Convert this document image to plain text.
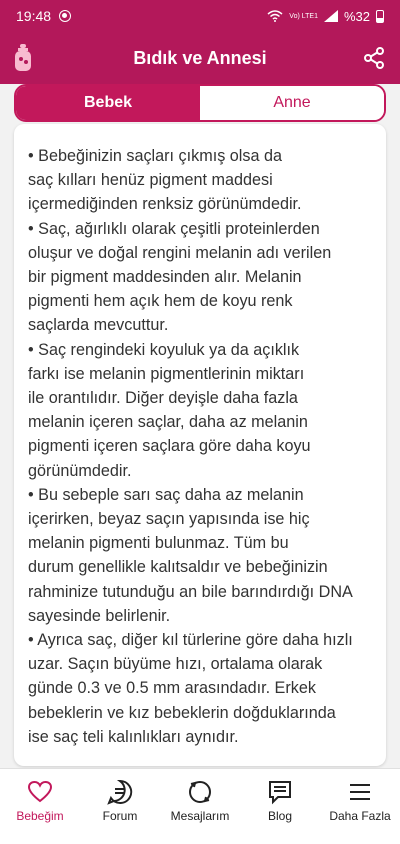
19:48	Vo) LTE1 %32
Bıdık ve Annesi
Bebek	Anne
• Bebeğinizin saçları çıkmış olsa da
saç kılları henüz pigment maddesi
içermediğinden renksiz görünümdedir.
• Saç, ağırlıklı olarak çeşitli proteinlerden
oluşur ve doğal rengini melanin adı verilen
bir pigment maddesinden alır. Melanin
pigmenti hem açık hem de koyu renk
saçlarda mevcuttur.
• Saç rengindeki koyuluk ya da açıklık
farkı ise melanin pigmentlerinin miktarı
ile orantılıdır. Diğer deyişle daha fazla
melanin içeren saçlar, daha az melanin
pigmenti içeren saçlara göre daha koyu
görünümdedir.
• Bu sebeple sarı saç daha az melanin
içerirken, beyaz saçın yapısında ise hiç
melanin pigmenti bulunmaz. Tüm bu
durum genellikle kalıtsaldır ve bebeğinizin
rahminize tutunduğu an bile barındırdığı DNA
sayesinde belirlenir.
• Ayrıca saç, diğer kıl türlerine göre daha hızlı
uzar. Saçın büyüme hızı, ortalama olarak
günde 0.3 ve 0.5 mm arasındadır. Erkek
bebeklerin ve kız bebeklerin doğduklarında
ise saç teli kalınlıkları aynıdır.
Bebeğim	Forum	Mesajlarım	Blog	Daha Fazla
